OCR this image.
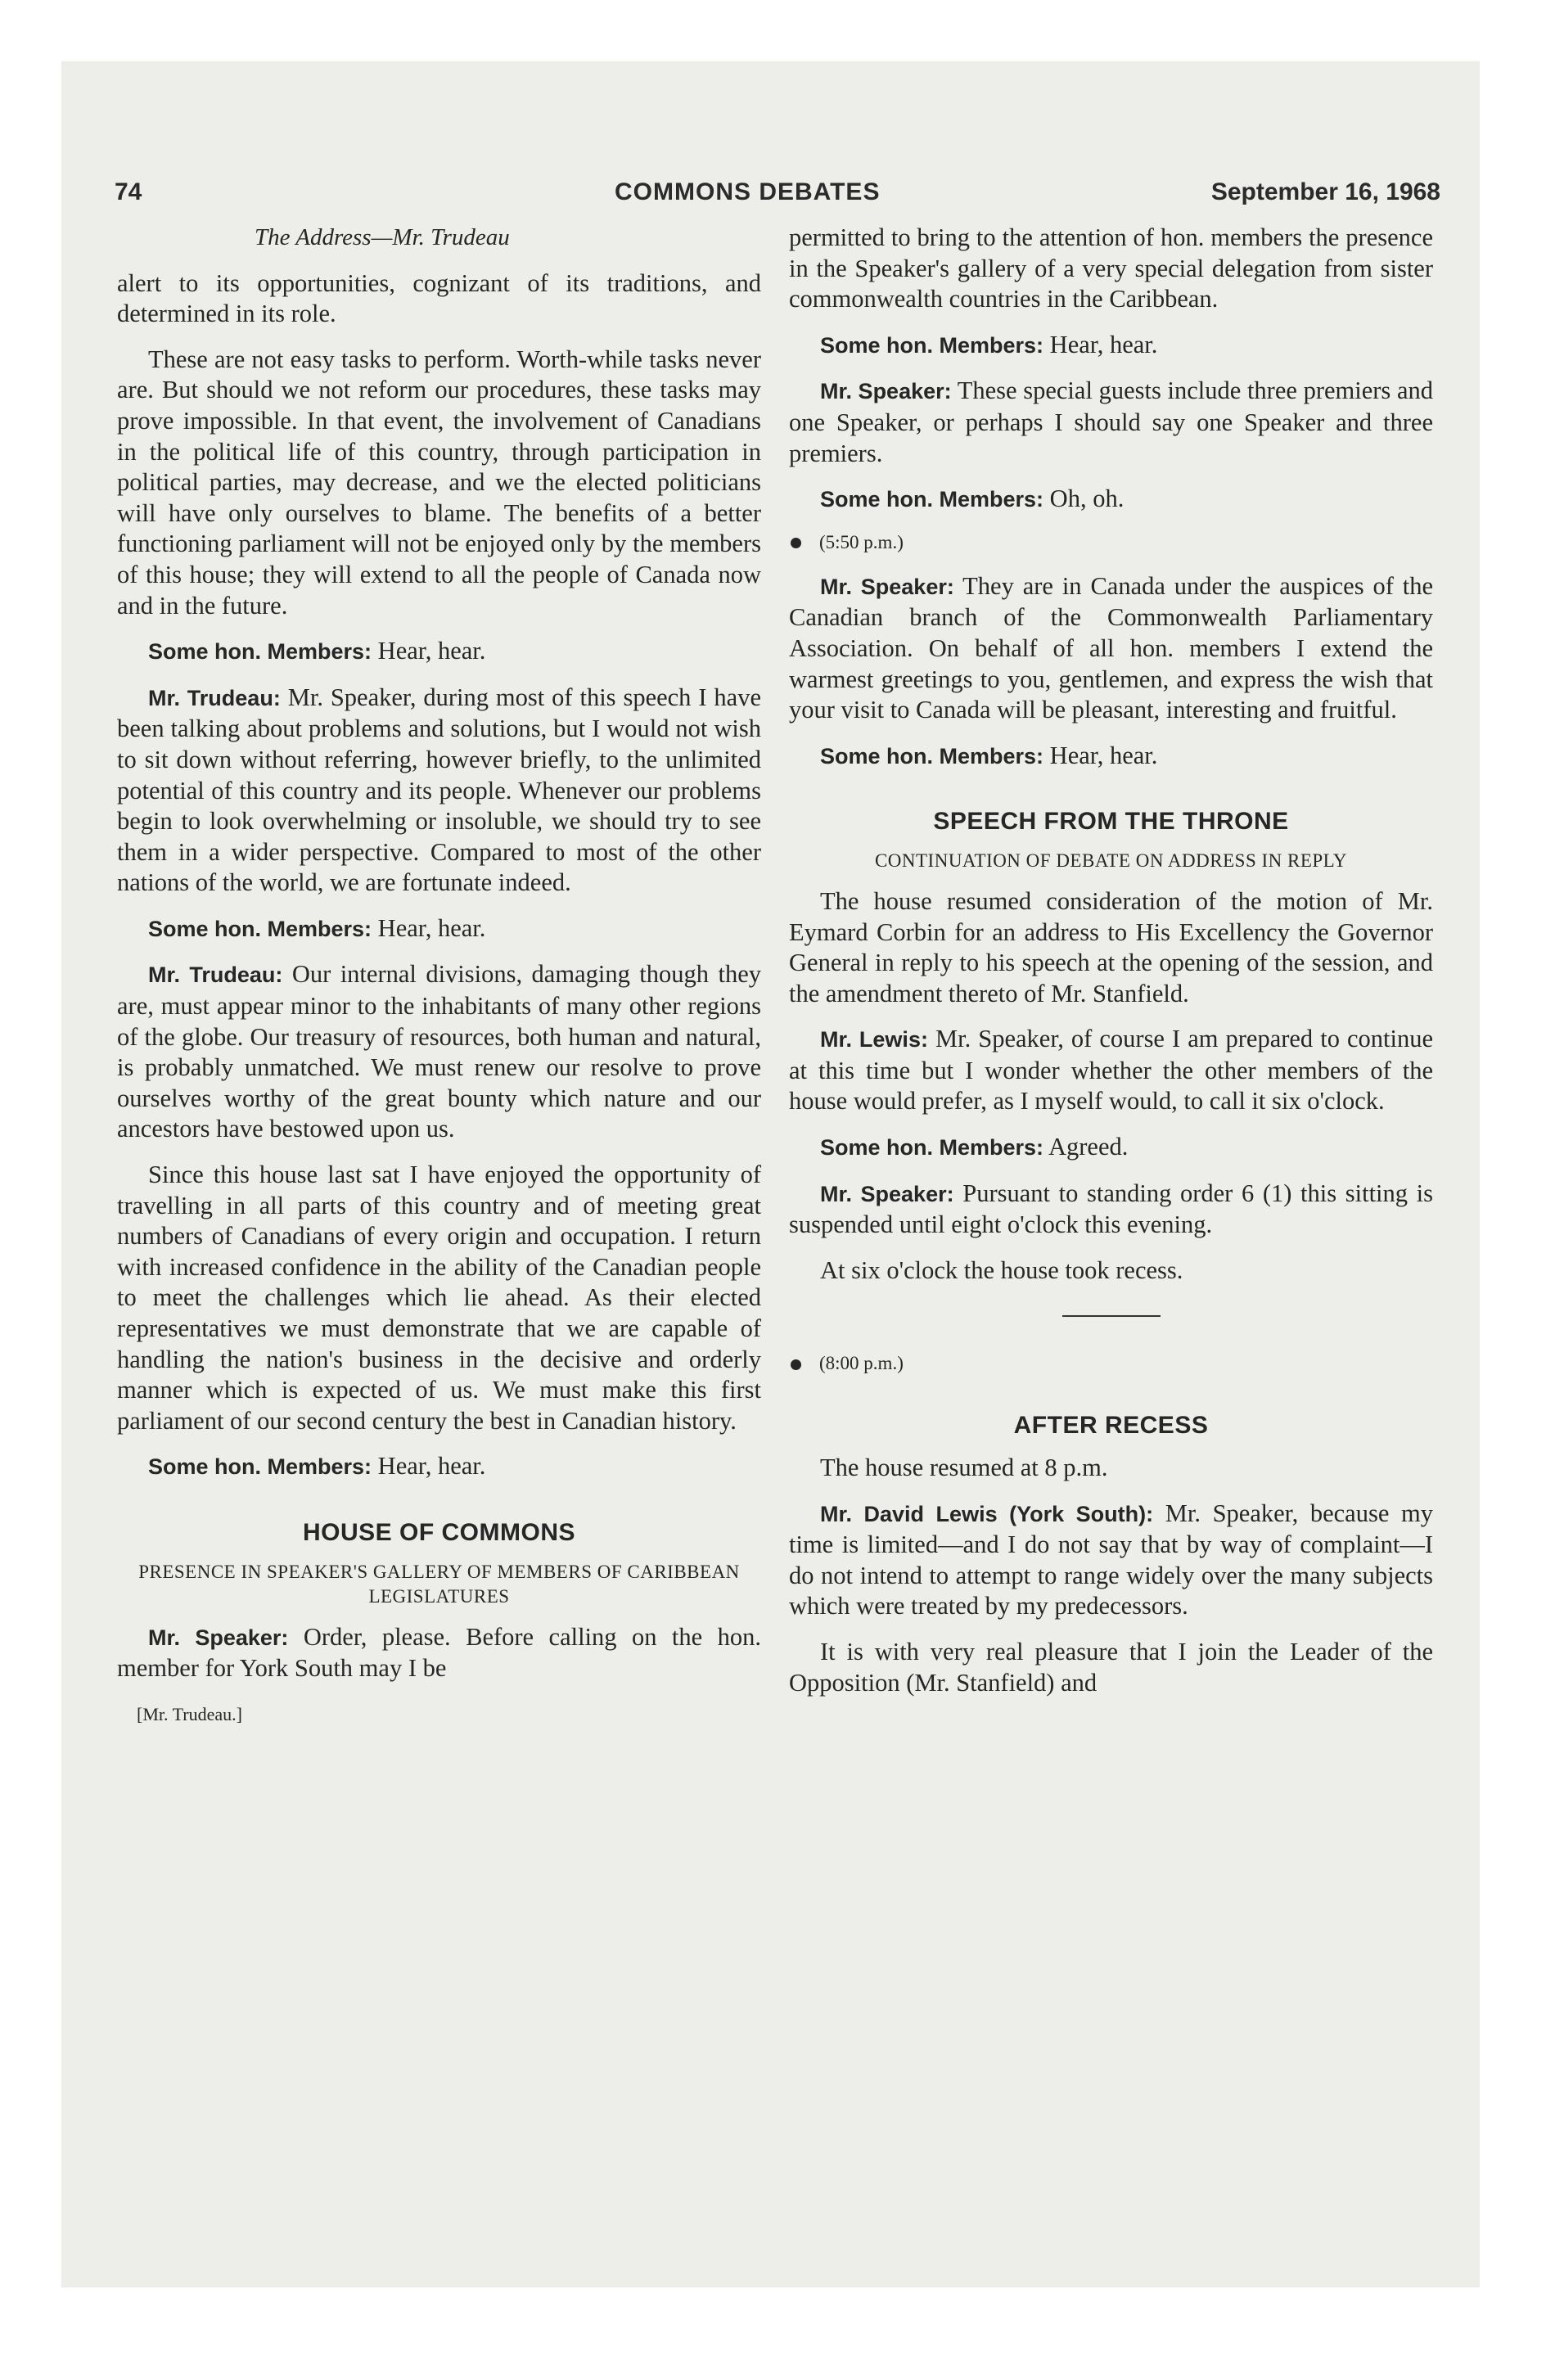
74	COMMONS DEBATES	September 16, 1968

The Address—Mr. Trudeau

alert to its opportunities, cognizant of its traditions, and determined in its role.

These are not easy tasks to perform. Worth-while tasks never are. But should we not reform our procedures, these tasks may prove impossible. In that event, the involvement of Canadians in the political life of this country, through participation in political parties, may decrease, and we the elected politicians will have only ourselves to blame. The benefits of a better functioning parliament will not be enjoyed only by the members of this house; they will extend to all the people of Canada now and in the future.

Some hon. Members: Hear, hear.

Mr. Trudeau: Mr. Speaker, during most of this speech I have been talking about problems and solutions, but I would not wish to sit down without referring, however briefly, to the unlimited potential of this country and its people. Whenever our problems begin to look overwhelming or insoluble, we should try to see them in a wider perspective. Compared to most of the other nations of the world, we are fortunate indeed.

Some hon. Members: Hear, hear.

Mr. Trudeau: Our internal divisions, damaging though they are, must appear minor to the inhabitants of many other regions of the globe. Our treasury of resources, both human and natural, is probably unmatched. We must renew our resolve to prove ourselves worthy of the great bounty which nature and our ancestors have bestowed upon us.

Since this house last sat I have enjoyed the opportunity of travelling in all parts of this country and of meeting great numbers of Canadians of every origin and occupation. I return with increased confidence in the ability of the Canadian people to meet the challenges which lie ahead. As their elected representatives we must demonstrate that we are capable of handling the nation's business in the decisive and orderly manner which is expected of us. We must make this first parliament of our second century the best in Canadian history.

Some hon. Members: Hear, hear.

HOUSE OF COMMONS
PRESENCE IN SPEAKER'S GALLERY OF MEMBERS OF CARIBBEAN LEGISLATURES

Mr. Speaker: Order, please. Before calling on the hon. member for York South may I be

[Mr. Trudeau.]

permitted to bring to the attention of hon. members the presence in the Speaker's gallery of a very special delegation from sister commonwealth countries in the Caribbean.

Some hon. Members: Hear, hear.

Mr. Speaker: These special guests include three premiers and one Speaker, or perhaps I should say one Speaker and three premiers.

Some hon. Members: Oh, oh.

(5:50 p.m.)

Mr. Speaker: They are in Canada under the auspices of the Canadian branch of the Commonwealth Parliamentary Association. On behalf of all hon. members I extend the warmest greetings to you, gentlemen, and express the wish that your visit to Canada will be pleasant, interesting and fruitful.

Some hon. Members: Hear, hear.

SPEECH FROM THE THRONE
CONTINUATION OF DEBATE ON ADDRESS IN REPLY

The house resumed consideration of the motion of Mr. Eymard Corbin for an address to His Excellency the Governor General in reply to his speech at the opening of the session, and the amendment thereto of Mr. Stanfield.

Mr. Lewis: Mr. Speaker, of course I am prepared to continue at this time but I wonder whether the other members of the house would prefer, as I myself would, to call it six o'clock.

Some hon. Members: Agreed.

Mr. Speaker: Pursuant to standing order 6 (1) this sitting is suspended until eight o'clock this evening.

At six o'clock the house took recess.

(8:00 p.m.)
AFTER RECESS

The house resumed at 8 p.m.

Mr. David Lewis (York South): Mr. Speaker, because my time is limited—and I do not say that by way of complaint—I do not intend to attempt to range widely over the many subjects which were treated by my predecessors.

It is with very real pleasure that I join the Leader of the Opposition (Mr. Stanfield) and
